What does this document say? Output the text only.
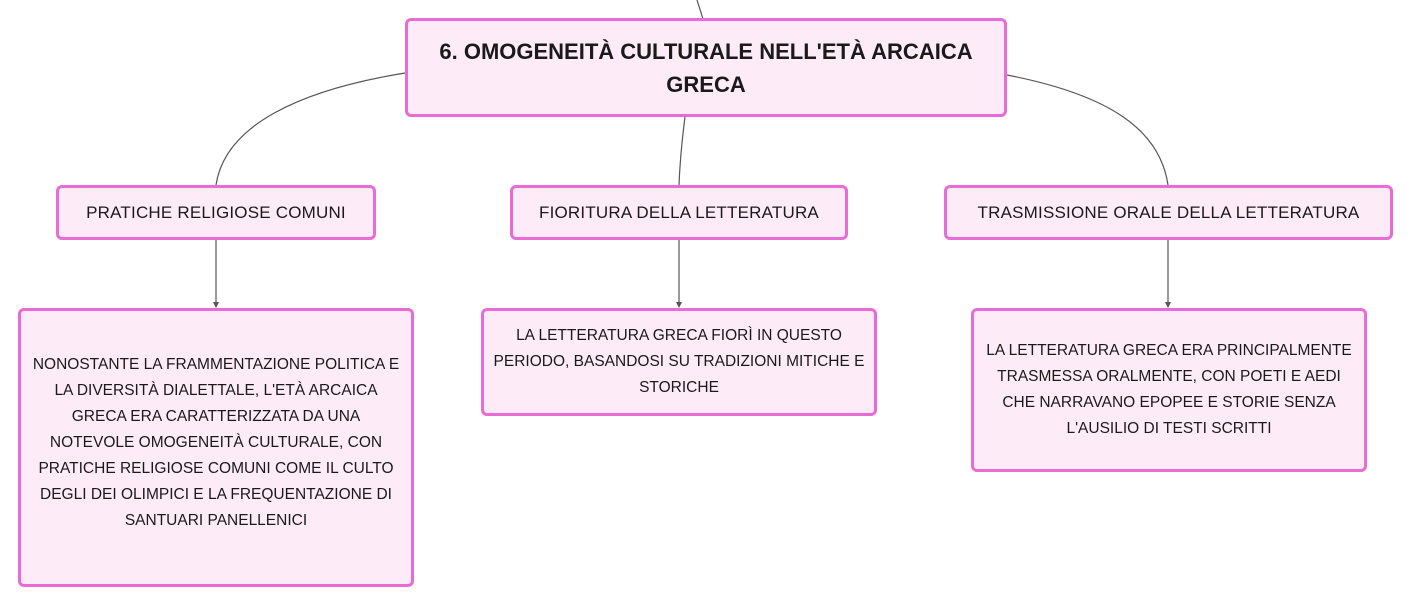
6. OMOGENEITÀ CULTURALE NELL'ETÀ ARCAICA GRECA
PRATICHE RELIGIOSE COMUNI	FIORITURA DELLA LETTERATURA	TRASMISSIONE ORALE DELLA LETTERATURA
NONOSTANTE LA FRAMMENTAZIONE POLITICA E LA DIVERSITÀ DIALETTALE, L'ETÀ ARCAICA GRECA ERA CARATTERIZZATA DA UNA NOTEVOLE OMOGENEITÀ CULTURALE, CON PRATICHE RELIGIOSE COMUNI COME IL CULTO DEGLI DEI OLIMPICI E LA FREQUENTAZIONE DI SANTUARI PANELLENICI
LA LETTERATURA GRECA FIORÌ IN QUESTO PERIODO, BASANDOSI SU TRADIZIONI MITICHE E STORICHE
LA LETTERATURA GRECA ERA PRINCIPALMENTE TRASMESSA ORALMENTE, CON POETI E AEDI CHE NARRAVANO EPOPEE E STORIE SENZA L'AUSILIO DI TESTI SCRITTI
